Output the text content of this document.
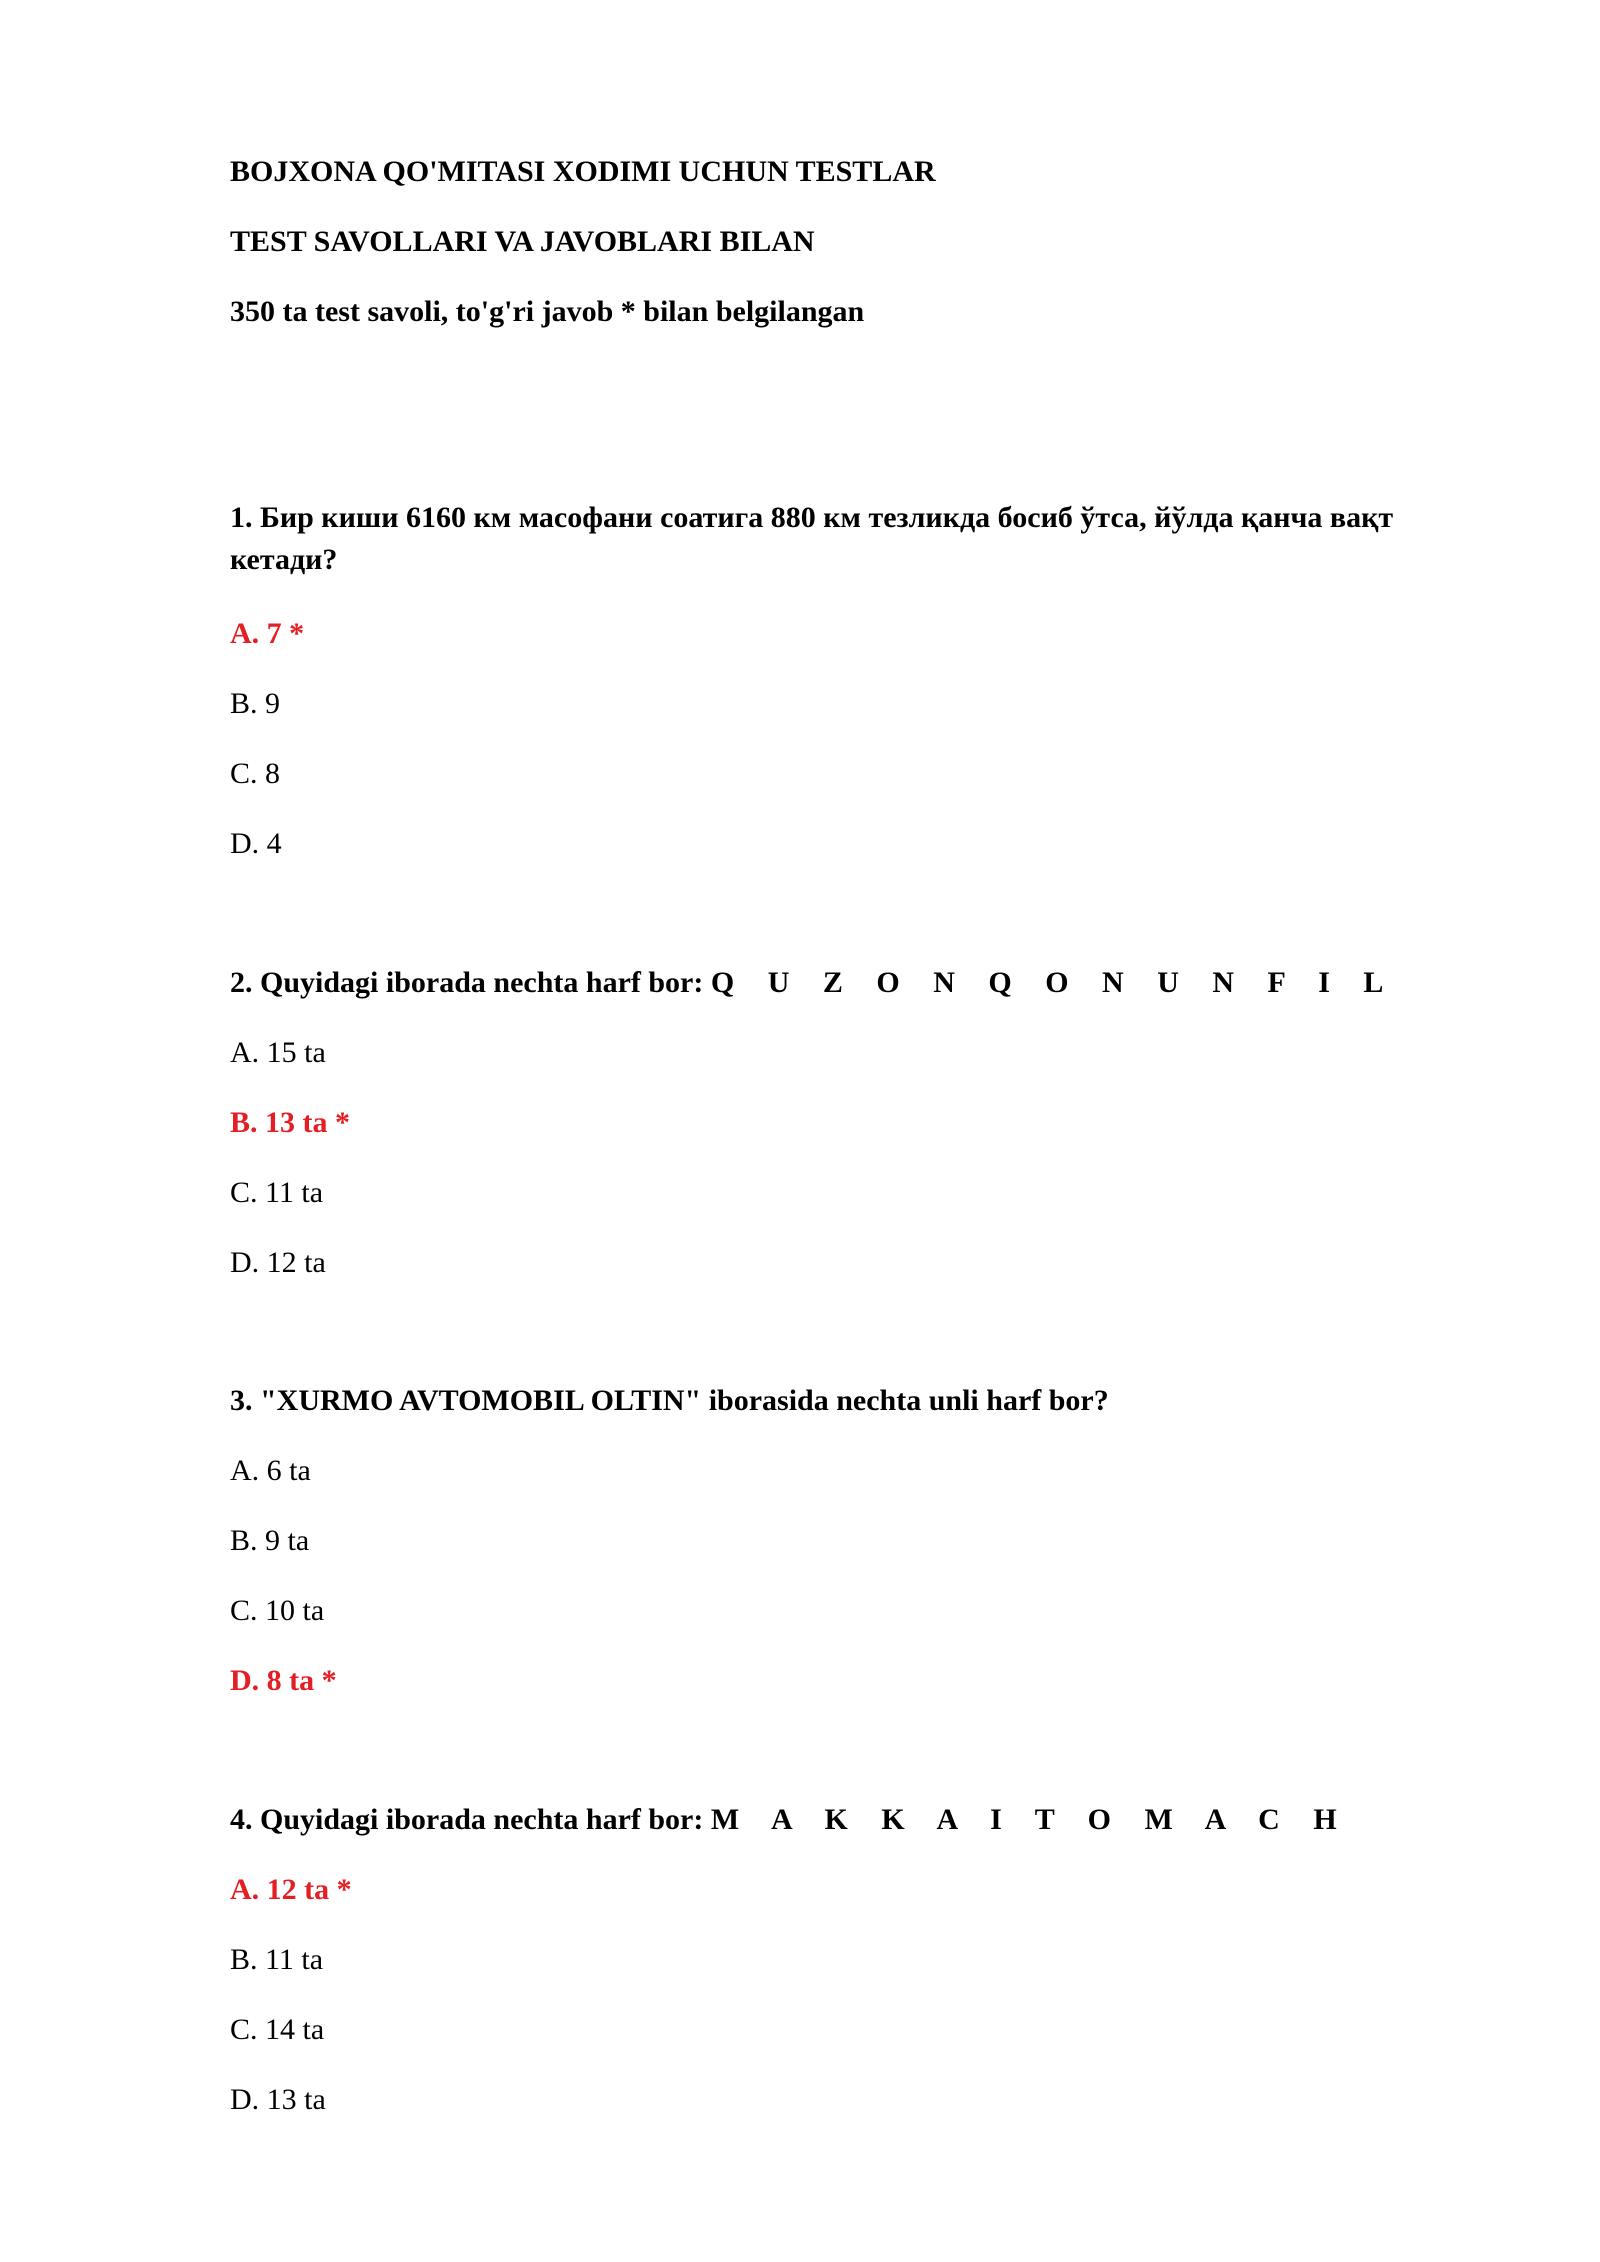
BOJXONA QO'MITASI XODIMI UCHUN TESTLAR

TEST SAVOLLARI VA JAVOBLARI BILAN

350 ta test savoli, to'g'ri javob * bilan belgilangan

1. Бир киши 6160 км масофани соатига 880 км тезликда босиб ўтса, йўлда қанча вақт кетади?

A. 7 *

B. 9

C. 8

D. 4

2. Quyidagi iborada nechta harf bor: Q U Z O N Q O N U N F I L

A. 15 ta

B. 13 ta *

C. 11 ta

D. 12 ta

3. "XURMO AVTOMOBIL OLTIN" iborasida nechta unli harf bor?

A. 6 ta

B. 9 ta

C. 10 ta

D. 8 ta *

4. Quyidagi iborada nechta harf bor: M A K K A I T O M A C H

A. 12 ta *

B. 11 ta

C. 14 ta

D. 13 ta
